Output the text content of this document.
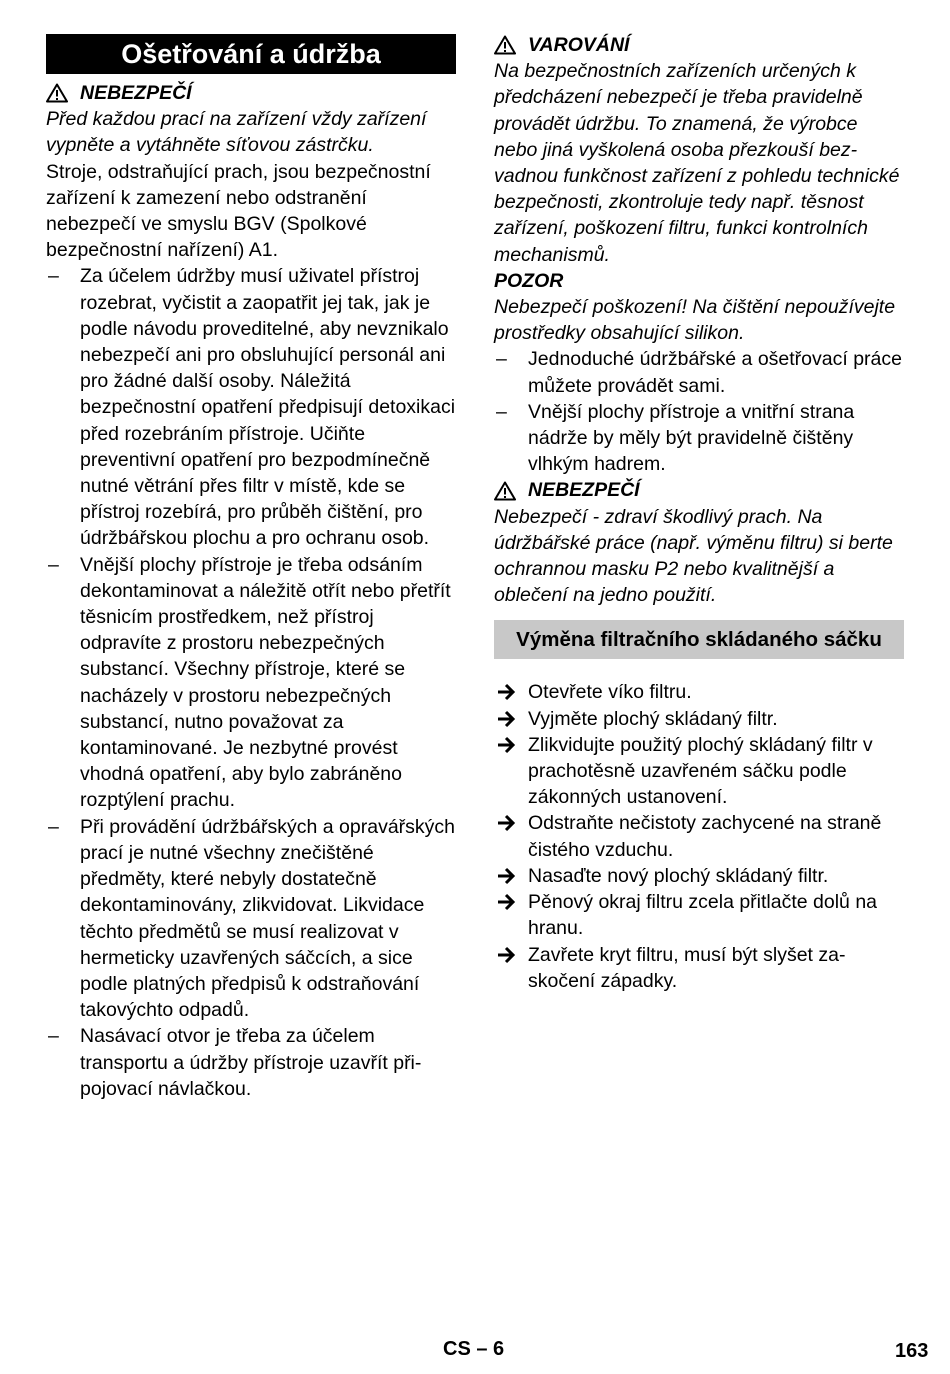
Ošetřování a údržba
NEBEZPEČÍ

Před každou prací na zařízení vždy zařízení vypněte a vytáhněte síťovou zástrčku.

Stroje, odstraňující prach, jsou bezpečnostní zařízení k zamezení nebo odstranění nebezpečí ve smyslu BGV (Spolkové bezpečnostní nařízení) A1.

– Za účelem údržby musí uživatel přístroj rozebrat, vyčistit a zaopatřit jej tak, jak je podle návodu proveditelné, aby nevznikalo nebezpečí ani pro obsluhující personál ani pro žádné další osoby. Náležitá bezpečnostní opatření předpisují detoxikaci před rozebráním přístroje. Učiňte preventivní opatření pro bezpodmínečně nutné větrání přes filtr v místě, kde se přístroj rozebírá, pro průběh čištění, pro údržbářskou plochu a pro ochranu osob.
– Vnější plochy přístroje je třeba odsáním dekontaminovat a náležitě otřít nebo přetřít těsnicím prostředkem, než přístroj odpravíte z prostoru nebezpečných substancí. Všechny přístroje, které se nacházely v prostoru nebezpečných substancí, nutno považovat za kontaminované. Je nezbytné provést vhodná opatření, aby bylo zabráněno rozptýlení prachu.
– Při provádění údržbářských a opravářských prací je nutné všechny znečištěné předměty, které nebyly dostatečně dekontaminovány, zlikvidovat. Likvidace těchto předmětů se musí realizovat v hermeticky uzavřených sáčcích, a sice podle platných předpisů k odstraňování takovýchto odpadů.
– Nasávací otvor je třeba za účelem transportu a údržby přístroje uzavřít připojovací návlačkou.
VAROVÁNÍ

Na bezpečnostních zařízeních určených k předcházení nebezpečí je třeba pravidelně provádět údržbu. To znamená, že výrobce nebo jiná vyškolená osoba přezkouší bezvadnou funkčnost zařízení z pohledu technické bezpečnosti, zkontroluje tedy např. těsnost zařízení, poškození filtru, funkci kontrolních mechanismů.

POZOR

Nebezpečí poškození! Na čištění nepoužívejte prostředky obsahující silikon.

– Jednoduché údržbářské a ošetřovací práce můžete provádět sami.
– Vnější plochy přístroje a vnitřní strana nádrže by měly být pravidelně čištěny vlhkým hadrem.
NEBEZPEČÍ

Nebezpečí - zdraví škodlivý prach. Na údržbářské práce (např. výměnu filtru) si berte ochrannou masku P2 nebo kvalitnější a oblečení na jedno použití.

Výměna filtračního skládaného sáčku
Otevřete víko filtru.
Vyjměte plochý skládaný filtr.
Zlikvidujte použitý plochý skládaný filtr v prachotěsně uzavřeném sáčku podle zákonných ustanovení.
Odstraňte nečistoty zachycené na straně čistého vzduchu.
Nasaďte nový plochý skládaný filtr.
Pěnový okraj filtru zcela přitlačte dolů na hranu.
Zavřete kryt filtru, musí být slyšet zaskočení západky.
CS – 6	163
